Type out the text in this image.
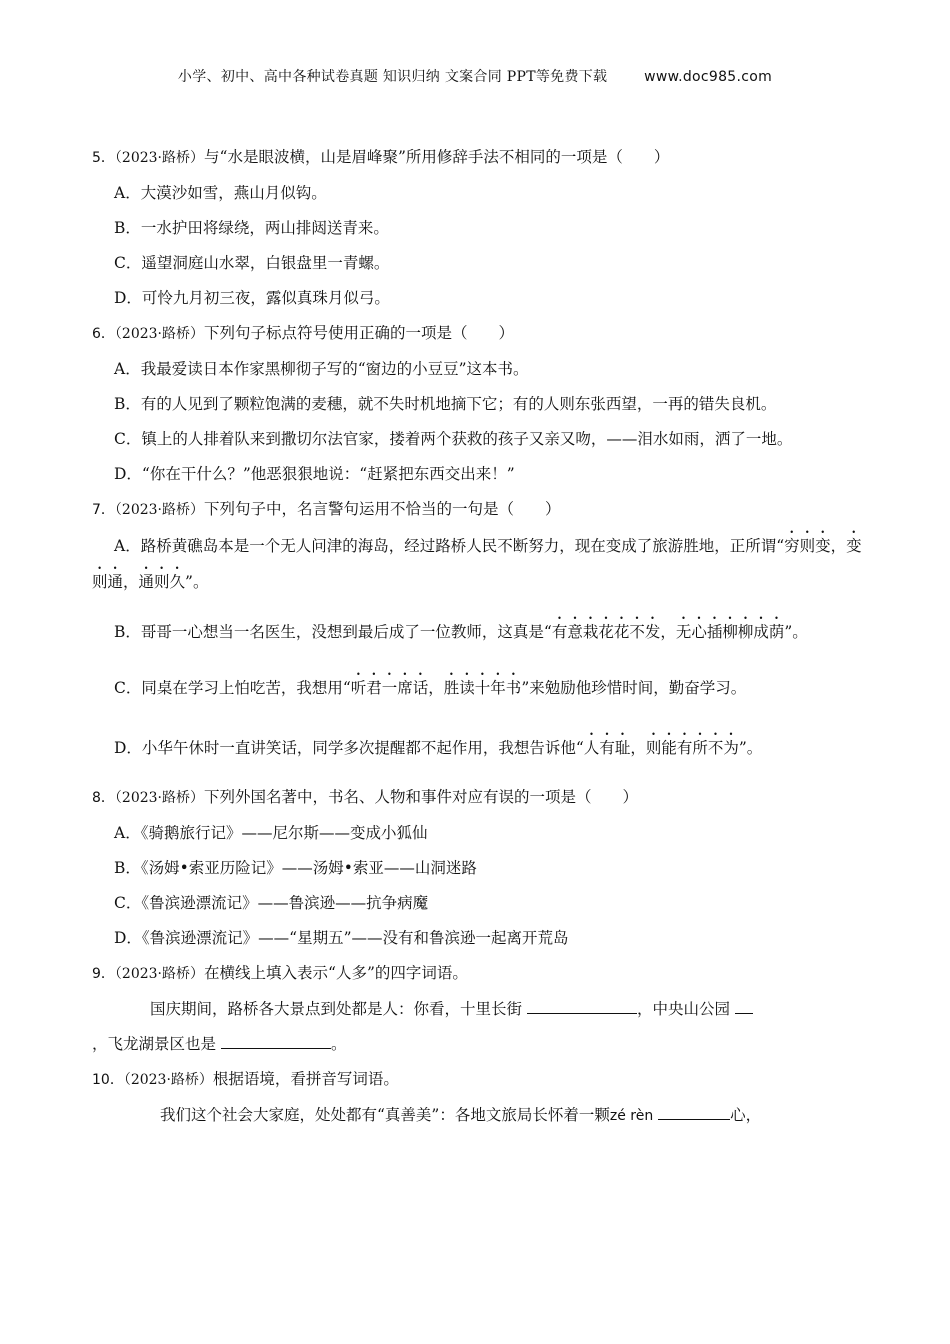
小学、初中、高中各种试卷真题 知识归纳 文案合同 PPT等免费下载	www.doc985.com

5．（2023·路桥）与“水是眼波横，山是眉峰聚”所用修辞手法不相同的一项是（　　）

A．大漠沙如雪，燕山月似钩。

B．一水护田将绿绕，两山排闼送青来。

C．遥望洞庭山水翠，白银盘里一青螺。

D．可怜九月初三夜，露似真珠月似弓。

6．（2023·路桥）下列句子标点符号使用正确的一项是（　　）

A．我最爱读日本作家黑柳彻子写的“窗边的小豆豆”这本书。

B．有的人见到了颗粒饱满的麦穗，就不失时机地摘下它；有的人则东张西望，一再的错失良机。

C．镇上的人排着队来到撒切尔法官家，搂着两个获救的孩子又亲又吻，——泪水如雨，洒了一地。

D．“你在干什么？”他恶狠狠地说：“赶紧把东西交出来！”

7．（2023·路桥）下列句子中，名言警句运用不恰当的一句是（　　）

A．路桥黄礁岛本是一个无人问津的海岛，经过路桥人民不断努力，现在变成了旅游胜地，正所谓“穷则变，变则通，通则久”。

B．哥哥一心想当一名医生，没想到最后成了一位教师，这真是“有意栽花花不发，无心插柳柳成荫”。

C．同桌在学习上怕吃苦，我想用“听君一席话，胜读十年书”来勉励他珍惜时间，勤奋学习。

D．小华午休时一直讲笑话，同学多次提醒都不起作用，我想告诉他“人有耻，则能有所不为”。

8．（2023·路桥）下列外国名著中，书名、人物和事件对应有误的一项是（　　）

A．《骑鹅旅行记》——尼尔斯——变成小狐仙

B．《汤姆•索亚历险记》——汤姆•索亚——山洞迷路

C．《鲁滨逊漂流记》——鲁滨逊——抗争病魔

D．《鲁滨逊漂流记》——“星期五”——没有和鲁滨逊一起离开荒岛

9．（2023·路桥）在横线上填入表示“人多”的四字词语。

国庆期间，路桥各大景点到处都是人：你看，十里长街	，中央山公园

，飞龙湖景区也是	。

10．（2023·路桥）根据语境，看拼音写词语。

我们这个社会大家庭，处处都有“真善美”：各地文旅局长怀着一颗zé rèn	心，
